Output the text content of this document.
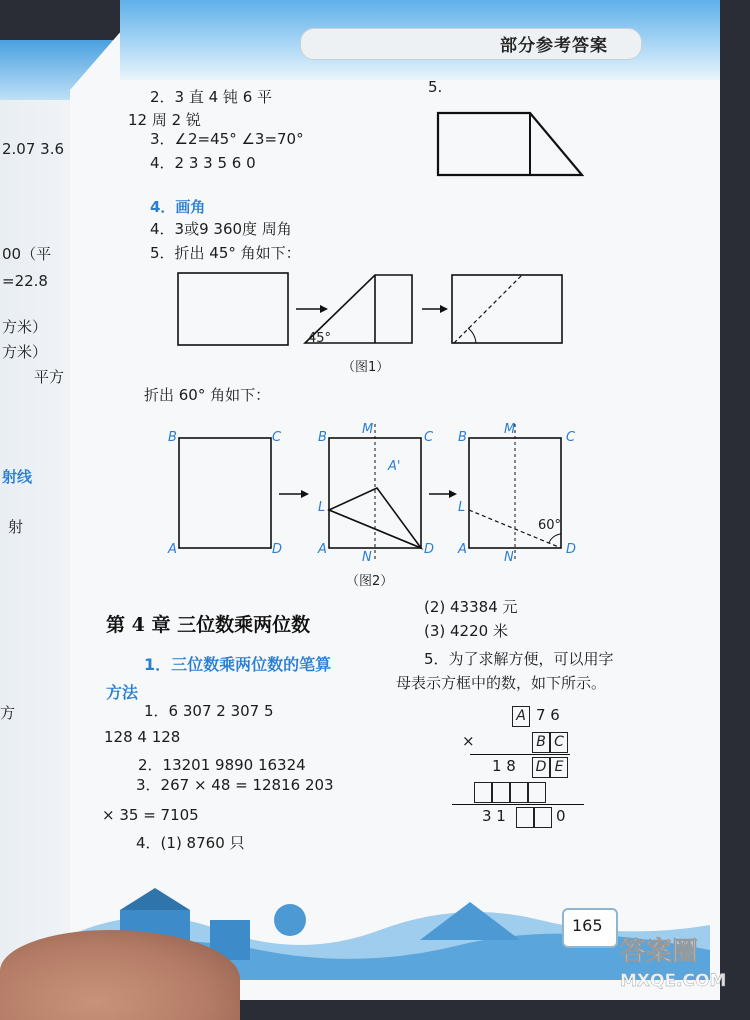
2.07 3.6
00（平
=22.8
方米）
方米）
平方
射线
射
方
部分参考答案
2．3 直 4 钝 6 平
12 周 2 锐
3．∠2=45° ∠3=70°
4．2 3 3 5 6 0
5.
4．画角
4．3或9 360度 周角
5．折出 45° 角如下：
45°
（图1）
折出 60° 角如下：
B	C
A	D
B
M
C
A'
L
A
N
D
B
M
C
L
A
N
D
60°
（图2）
第 4 章 三位数乘两位数
1．三位数乘两位数的笔算
方法
1．6 307 2 307 5
128 4 128
2．13201 9890 16324
3．267 × 48 = 12816 203
× 35 = 7105
4．(1) 8760 只
(2) 43384 元
(3) 4220 米
5．为了求解方便，可以用字
母表示方框中的数，如下所示。
A 7 6
×	B C
1 8 D E
3 1	0
165
答案圈
MXQE.COM
